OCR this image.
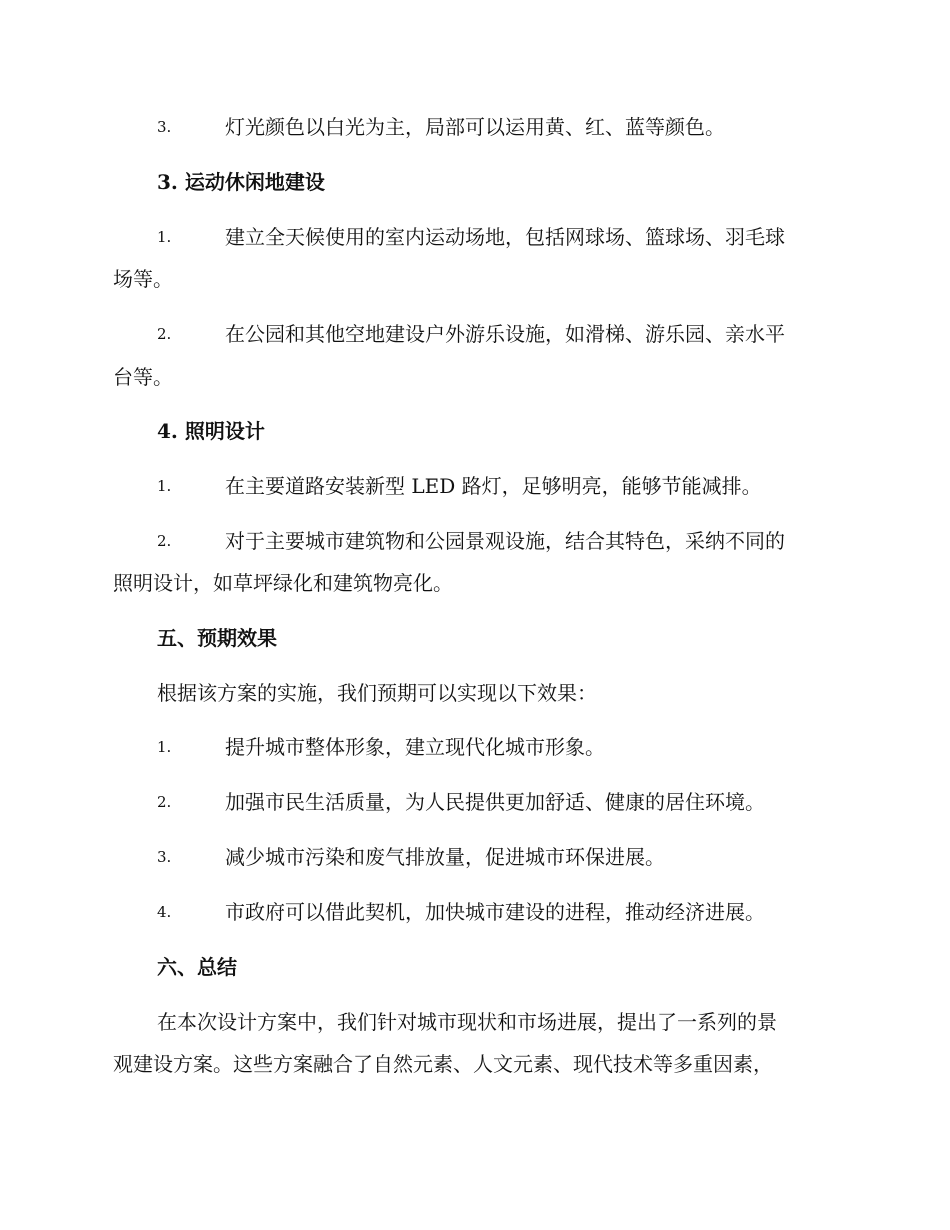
3.	灯光颜色以白光为主，局部可以运用黄、红、蓝等颜色。
3. 运动休闲地建设
1.	建立全天候使用的室内运动场地，包括网球场、篮球场、羽毛球
场等。
2.	在公园和其他空地建设户外游乐设施，如滑梯、游乐园、亲水平
台等。
4. 照明设计
1.	在主要道路安装新型 LED 路灯，足够明亮，能够节能减排。
2.	对于主要城市建筑物和公园景观设施，结合其特色，采纳不同的
照明设计，如草坪绿化和建筑物亮化。
五、预期效果
根据该方案的实施，我们预期可以实现以下效果：
1.	提升城市整体形象，建立现代化城市形象。
2.	加强市民生活质量，为人民提供更加舒适、健康的居住环境。
3.	减少城市污染和废气排放量，促进城市环保进展。
4.	市政府可以借此契机，加快城市建设的进程，推动经济进展。
六、总结
在本次设计方案中，我们针对城市现状和市场进展，提出了一系列的景
观建设方案。这些方案融合了自然元素、人文元素、现代技术等多重因素，
